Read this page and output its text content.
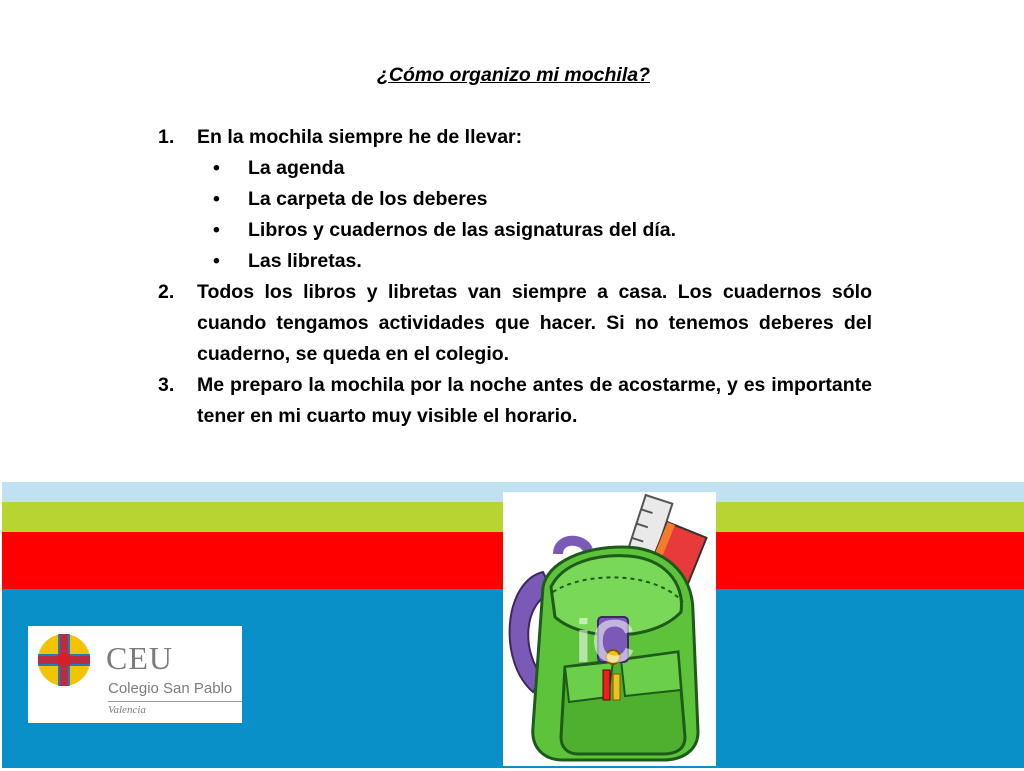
¿Cómo organizo mi mochila?
1. En la mochila siempre he de llevar:
• La agenda
• La carpeta de los deberes
• Libros y cuadernos de las asignaturas del día.
• Las libretas.
2. Todos los libros y libretas van siempre a casa. Los cuadernos sólo cuando tengamos actividades que hacer. Si no tenemos deberes del cuaderno, se queda en el colegio.
3. Me preparo la mochila por la noche antes de acostarme, y es importante tener en mi cuarto muy visible el horario.
CEU
Colegio San Pablo
Valencia
iC
